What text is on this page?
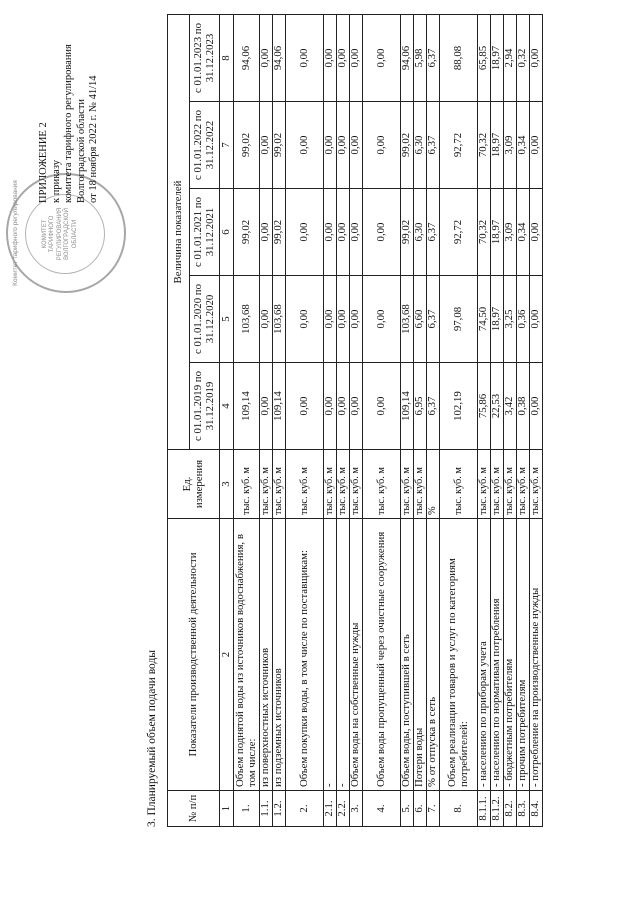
Комитет тарифного регулирования	КОМИТЕТ ТАРИФНОГО РЕГУЛИРОВАНИЯ ВОЛГОГРАДСКОЙ ОБЛАСТИ
ПРИЛОЖЕНИЕ 2 к приказу комитета тарифного регулирования Волгоградской области от 18 ноября 2022 г. № 41/14
3. Планируемый объем подачи воды	№ п/п	Показатели производственной деятельности	Ед. измерения	Величина показателей				
			с 01.01.2019 по 31.12.2019	с 01.01.2020 по 31.12.2020	с 01.01.2021 по 31.12.2021	с 01.01.2022 по 31.12.2022	с 01.01.2023 по 31.12.2023
1	2	3	4	5	6	7	8
1.	Объем поднятой воды из источников водоснабжения, в том числе:	тыс. куб. м	109,14	103,68	99,02	99,02	94,06
1.1.	из поверхностных источников	тыс. куб. м	0,00	0,00	0,00	0,00	0,00
1.2.	из подземных источников	тыс. куб. м	109,14	103,68	99,02	99,02	94,06
2.	Объем покупки воды, в том числе по поставщикам:	тыс. куб. м	0,00	0,00	0,00	0,00	0,00
2.1.	-	тыс. куб. м	0,00	0,00	0,00	0,00	0,00
2.2.	-	тыс. куб. м	0,00	0,00	0,00	0,00	0,00
3.	Объем воды на собственные нужды	тыс. куб. м	0,00	0,00	0,00	0,00	0,00
4.	Объем воды пропущенный через очистные сооружения	тыс. куб. м	0,00	0,00	0,00	0,00	0,00
5.	Объем воды, поступившей в сеть	тыс. куб. м	109,14	103,68	99,02	99,02	94,06
6.	Потери воды	тыс. куб. м	6,95	6,60	6,30	6,30	5,98
7.	% от отпуска в сеть	%	6,37	6,37	6,37	6,37	6,37
8.	Объем реализации товаров и услуг по категориям потребителей:	тыс. куб. м	102,19	97,08	92,72	92,72	88,08
8.1.1.	- населению по приборам учета	тыс. куб. м	75,86	74,50	70,32	70,32	65,85
8.1.2.	- населению по нормативам потребления	тыс. куб. м	22,53	18,97	18,97	18,97	18,97
8.2.	- бюджетным потребителям	тыс. куб. м	3,42	3,25	3,09	3,09	2,94
8.3.	- прочим потребителям	тыс. куб. м	0,38	0,36	0,34	0,34	0,32
8.4.	- потребление на производственные нужды	тыс. куб. м	0,00	0,00	0,00	0,00	0,00
